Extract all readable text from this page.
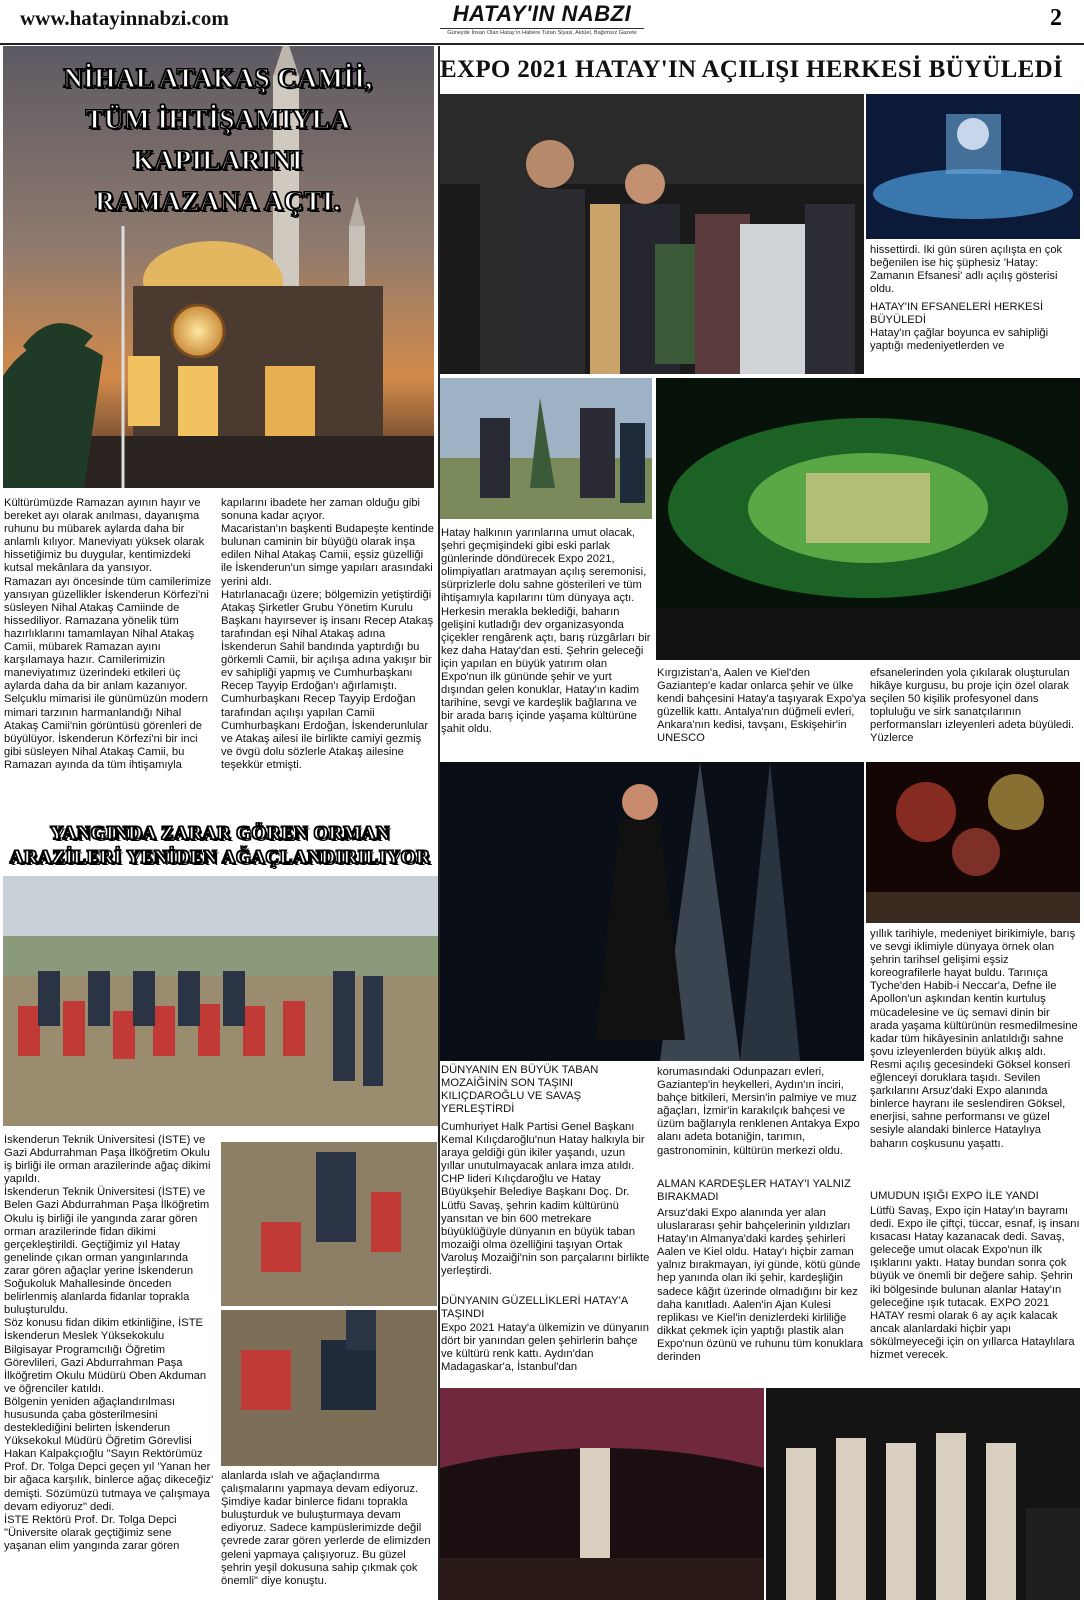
www.hatayinnabzi.com	HATAY'IN NABZI
Güneyde İnsan Olan Hatay'ın Habere Tutan Siyasi, Aktüel, Bağımsız Gazete
2
NİHAL ATAKAŞ CAMİİ,
TÜM İHTİŞAMIYLA
KAPILARINI
RAMAZANA AÇTI.
Kültürümüzde Ramazan ayının hayır ve bereket ayı olarak anılması, dayanışma ruhunu bu mübarek aylarda daha bir anlamlı kılıyor. Maneviyatı yüksek olarak hissetiğimiz bu duygular, kentimizdeki kutsal mekânlara da yansıyor.
Ramazan ayı öncesinde tüm camilerimize yansıyan güzellikler İskenderun Körfezi'ni süsleyen Nihal Atakaş Camiinde de hissediliyor. Ramazana yönelik tüm hazırlıklarını tamamlayan Nihal Atakaş Camii, mübarek Ramazan ayını karşılamaya hazır. Camilerimizin maneviyatımız üzerindeki etkileri üç aylarda daha da bir anlam kazanıyor. Selçuklu mimarisi ile günümüzün modern mimari tarzının harmanlandığı Nihal Atakaş Camii'nin görüntüsü görenleri de büyülüyor. İskenderun Körfezi'ni bir inci gibi süsleyen Nihal Atakaş Camii, bu Ramazan ayında da tüm ihtişamıyla
kapılarını ibadete her zaman olduğu gibi sonuna kadar açıyor.
Macaristan'ın başkenti Budapeşte kentinde bulunan caminin bir büyüğü olarak inşa edilen Nihal Atakaş Camii, eşsiz güzelliği ile İskenderun'un simge yapıları arasındaki yerini aldı.
Hatırlanacağı üzere; bölgemizin yetiştirdiği Atakaş Şirketler Grubu Yönetim Kurulu Başkanı hayırsever iş insanı Recep Atakaş tarafından eşi Nihal Atakaş adına İskenderun Sahil bandında yaptırdığı bu görkemli Camii, bir açılışa adına yakışır bir ev sahipliği yapmış ve Cumhurbaşkanı Recep Tayyip Erdoğan'ı ağırlamıştı. Cumhurbaşkanı Recep Tayyip Erdoğan tarafından açılışı yapılan Camii Cumhurbaşkanı Erdoğan, İskenderunlular ve Atakaş ailesi ile birlikte camiyi gezmiş ve övgü dolu sözlerle Atakaş ailesine teşekkür etmişti.
YANGINDA ZARAR GÖREN ORMAN
ARAZİLERİ YENİDEN AĞAÇLANDIRILIYOR
İskenderun Teknik Üniversitesi (İSTE) ve Gazi Abdurrahman Paşa İlköğretim Okulu iş birliği ile orman arazilerinde ağaç dikimi yapıldı.
İskenderun Teknik Üniversitesi (İSTE) ve Belen Gazi Abdurrahman Paşa İlköğretim Okulu iş birliği ile yangında zarar gören orman arazilerinde fidan dikimi gerçekleştirildi. Geçtiğimiz yıl Hatay genelinde çıkan orman yangınlarında zarar gören ağaçlar yerine İskenderun Soğukoluk Mahallesinde önceden belirlenmiş alanlarda fidanlar toprakla buluşturuldu.
Söz konusu fidan dikim etkinliğine, İSTE İskenderun Meslek Yüksekokulu Bilgisayar Programcılığı Öğretim Görevlileri, Gazi Abdurrahman Paşa İlköğretim Okulu Müdürü Oben Akduman ve öğrenciler katıldı.
Bölgenin yeniden ağaçlandırılması hususunda çaba gösterilmesini desteklediğini belirten İskenderun Yüksekokul Müdürü Öğretim Görevlisi Hakan Kalpakçıoğlu "Sayın Rektörümüz Prof. Dr. Tolga Depci geçen yıl 'Yanan her bir ağaca karşılık, binlerce ağaç dikeceğiz' demişti. Sözümüzü tutmaya ve çalışmaya devam ediyoruz" dedi.
İSTE Rektörü Prof. Dr. Tolga Depci "Üniversite olarak geçtiğimiz sene yaşanan elim yangında zarar gören
alanlarda ıslah ve ağaçlandırma çalışmalarını yapmaya devam ediyoruz. Şimdiye kadar binlerce fidanı toprakla buluşturduk ve buluşturmaya devam ediyoruz. Sadece kampüslerimizde değil çevrede zarar gören yerlerde de elimizden geleni yapmaya çalışıyoruz. Bu güzel şehrin yeşil dokusuna sahip çıkmak çok önemli" diye konuştu.
EXPO 2021 HATAY'IN AÇILIŞI HERKESİ BÜYÜLEDİ
hissettirdi. İki gün süren açılışta en çok beğenilen ise hiç şüphesiz 'Hatay: Zamanın Efsanesi' adlı açılış gösterisi oldu.
HATAY'IN EFSANELERİ HERKESİ BÜYÜLEDİ
Hatay'ın çağlar boyunca ev sahipliği yaptığı medeniyetlerden ve
Hatay halkının yarınlarına umut olacak, şehri geçmişindeki gibi eski parlak günlerinde döndürecek Expo 2021, olimpiyatları aratmayan açılış seremonisi, sürprizlerle dolu sahne gösterileri ve tüm ihtişamıyla kapılarını tüm dünyaya açtı. Herkesin merakla beklediği, baharın gelişini kutladığı dev organizasyonda çiçekler rengârenk açtı, barış rüzgârları bir kez daha Hatay'dan esti. Şehrin geleceği için yapılan en büyük yatırım olan Expo'nun ilk gününde şehir ve yurt dışından gelen konuklar, Hatay'ın kadim tarihine, sevgi ve kardeşlik bağlarına ve bir arada barış içinde yaşama kültürüne şahit oldu.
Kırgızistan'a, Aalen ve Kiel'den Gaziantep'e kadar onlarca şehir ve ülke kendi bahçesini Hatay'a taşıyarak Expo'ya güzellik kattı. Antalya'nın düğmeli evleri, Ankara'nın kedisi, tavşanı, Eskişehir'in UNESCO
efsanelerinden yola çıkılarak oluşturulan hikâye kurgusu, bu proje için özel olarak seçilen 50 kişilik profesyonel dans topluluğu ve sirk sanatçılarının performansları izleyenleri adeta büyüledi. Yüzlerce
yıllık tarihiyle, medeniyet birikimiyle, barış ve sevgi iklimiyle dünyaya örnek olan şehrin tarihsel gelişimi eşsiz koreografilerle hayat buldu. Tarınıça Tyche'den Habib-i Neccar'a, Defne ile Apollon'un aşkından kentin kurtuluş mücadelesine ve üç semavi dinin bir arada yaşama kültürünün resmedilmesine kadar tüm hikâyesinin anlatıldığı sahne şovu izleyenlerden büyük alkış aldı. Resmi açılış gecesindeki Göksel konseri eğlenceyi doruklara taşıdı. Sevilen şarkılarını Arsuz'daki Expo alanında binlerce hayranı ile seslendiren Göksel, enerjisi, sahne performansı ve güzel sesiyle alandaki binlerce Hataylıya baharın coşkusunu yaşattı.
UMUDUN IŞIĞI EXPO İLE YANDI
Lütfü Savaş, Expo için Hatay'ın bayramı dedi. Expo ile çiftçi, tüccar, esnaf, iş insanı kısacası Hatay kazanacak dedi. Savaş, geleceğe umut olacak Expo'nun ilk ışıklarını yaktı. Hatay bundan sonra çok büyük ve önemli bir değere sahip. Şehrin iki bölgesinde bulunan alanlar Hatay'ın geleceğine ışık tutacak. EXPO 2021 HATAY resmi olarak 6 ay açık kalacak ancak alanlardaki hiçbir yapı sökülmeyeceği için on yıllarca Hataylılara hizmet verecek.
DÜNYANIN EN BÜYÜK TABAN MOZAİĞİNİN SON TAŞINI KILIÇDAROĞLU VE SAVAŞ YERLEŞTİRDİ
Cumhuriyet Halk Partisi Genel Başkanı Kemal Kılıçdaroğlu'nun Hatay halkıyla bir araya geldiği gün ikiler yaşandı, uzun yıllar unutulmayacak anlara imza atıldı. CHP lideri Kılıçdaroğlu ve Hatay Büyükşehir Belediye Başkanı Doç. Dr. Lütfü Savaş, şehrin kadim kültürünü yansıtan ve bin 600 metrekare büyüklüğüyle dünyanın en büyük taban mozaiği olma özelliğini taşıyan Ortak Varoluş Mozaiği'nin son parçalarını birlikte yerleştirdi.
DÜNYANIN GÜZELLİKLERİ HATAY'A TAŞINDI
Expo 2021 Hatay'a ülkemizin ve dünyanın dört bir yanından gelen şehirlerin bahçe ve kültürü renk kattı. Aydın'dan Madagaskar'a, İstanbul'dan
korumasındaki Odunpazarı evleri, Gaziantep'in heykelleri, Aydın'ın inciri, bahçe bitkileri, Mersin'in palmiye ve muz ağaçları, İzmir'in karakılçık bahçesi ve üzüm bağlarıyla renklenen Antakya Expo alanı adeta botaniğin, tarımın, gastronominin, kültürün merkezi oldu.
ALMAN KARDEŞLER HATAY'I YALNIZ BIRAKMADI
Arsuz'daki Expo alanında yer alan uluslararası şehir bahçelerinin yıldızları Hatay'ın Almanya'daki kardeş şehirleri Aalen ve Kiel oldu. Hatay'ı hiçbir zaman yalnız bırakmayan, iyi günde, kötü günde hep yanında olan iki şehir, kardeşliğin sadece kâğıt üzerinde olmadığını bir kez daha kanıtladı. Aalen'in Ajan Kulesi replikası ve Kiel'in denizlerdeki kirliliğe dikkat çekmek için yaptığı plastik alan Expo'nun özünü ve ruhunu tüm konuklara derinden
